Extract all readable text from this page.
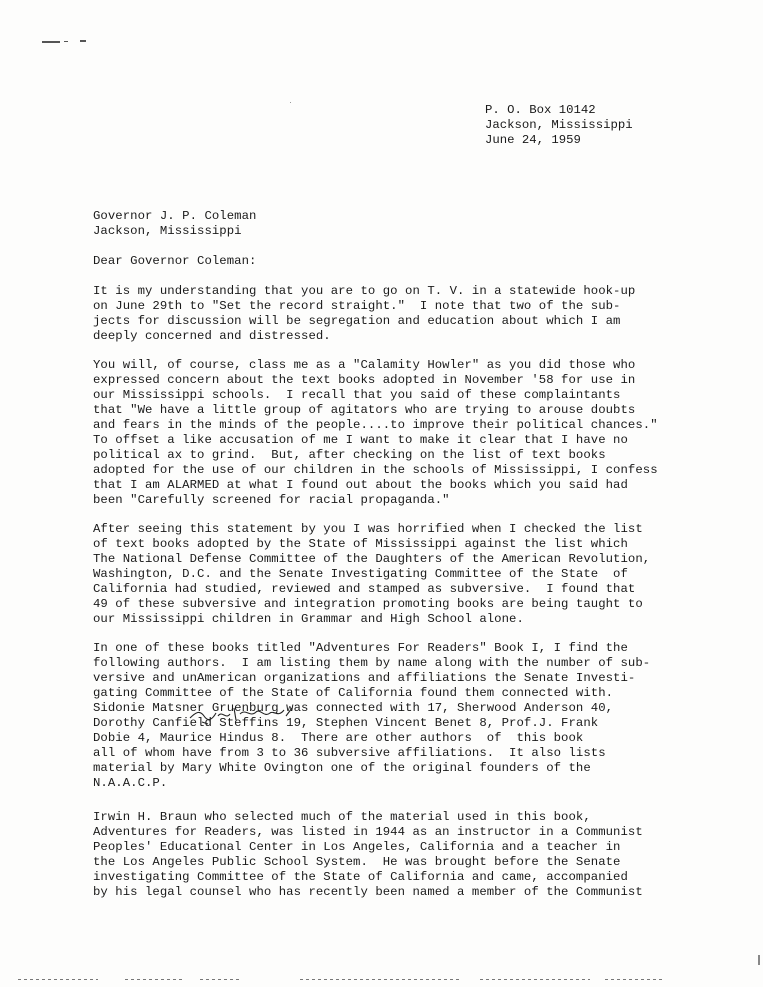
P. O. Box 10142
Jackson, Mississippi
June 24, 1959
Governor J. P. Coleman
Jackson, Mississippi
Dear Governor Coleman:
It is my understanding that you are to go on T. V. in a statewide hook-up
on June 29th to "Set the record straight."  I note that two of the sub-
jects for discussion will be segregation and education about which I am
deeply concerned and distressed.
You will, of course, class me as a "Calamity Howler" as you did those who
expressed concern about the text books adopted in November '58 for use in
our Mississippi schools.  I recall that you said of these complaintants
that "We have a little group of agitators who are trying to arouse doubts
and fears in the minds of the people....to improve their political chances."
To offset a like accusation of me I want to make it clear that I have no
political ax to grind.  But, after checking on the list of text books
adopted for the use of our children in the schools of Mississippi, I confess
that I am ALARMED at what I found out about the books which you said had
been "Carefully screened for racial propaganda."
After seeing this statement by you I was horrified when I checked the list
of text books adopted by the State of Mississippi against the list which
The National Defense Committee of the Daughters of the American Revolution,
Washington, D.C. and the Senate Investigating Committee of the State  of
California had studied, reviewed and stamped as subversive.  I found that
49 of these subversive and integration promoting books are being taught to
our Mississippi children in Grammar and High School alone.
In one of these books titled "Adventures For Readers" Book I, I find the
following authors.  I am listing them by name along with the number of sub-
versive and unAmerican organizations and affiliations the Senate Investi-
gating Committee of the State of California found them connected with.
Sidonie Matsner Gruenburg was connected with 17, Sherwood Anderson 40,
Dorothy Canfield Steffins 19, Stephen Vincent Benet 8, Prof.J. Frank
Dobie 4, Maurice Hindus 8.  There are other authors  of  this book
all of whom have from 3 to 36 subversive affiliations.  It also lists
material by Mary White Ovington one of the original founders of the
N.A.A.C.P.
Irwin H. Braun who selected much of the material used in this book,
Adventures for Readers, was listed in 1944 as an instructor in a Communist
Peoples' Educational Center in Los Angeles, California and a teacher in
the Los Angeles Public School System.  He was brought before the Senate
investigating Committee of the State of California and came, accompanied
by his legal counsel who has recently been named a member of the Communist
